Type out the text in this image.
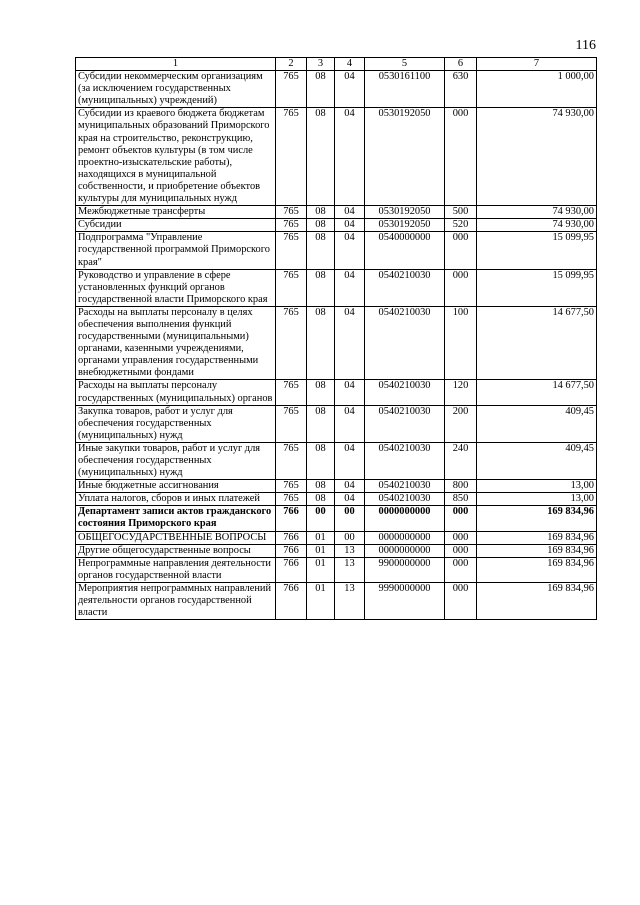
116
1	2	3	4	5	6	7
Субсидии некоммерческим организациям (за исключением государственных (муниципальных) учреждений)	765	08	04	0530161100	630	1 000,00
Субсидии из краевого бюджета бюджетам муниципальных образований Приморского края на строительство, реконструкцию, ремонт объектов культуры (в том числе проектно-изыскательские работы), находящихся в муниципальной собственности, и приобретение объектов культуры для муниципальных нужд	765	08	04	0530192050	000	74 930,00
Межбюджетные трансферты	765	08	04	0530192050	500	74 930,00
Субсидии	765	08	04	0530192050	520	74 930,00
Подпрограмма "Управление государственной программой Приморского края"	765	08	04	0540000000	000	15 099,95
Руководство и управление в сфере установленных функций органов государственной власти Приморского края	765	08	04	0540210030	000	15 099,95
Расходы на выплаты персоналу в целях обеспечения выполнения функций государственными (муниципальными) органами, казенными учреждениями, органами управления государственными внебюджетными фондами	765	08	04	0540210030	100	14 677,50
Расходы на выплаты персоналу государственных (муниципальных) органов	765	08	04	0540210030	120	14 677,50
Закупка товаров, работ и услуг для обеспечения государственных (муниципальных) нужд	765	08	04	0540210030	200	409,45
Иные закупки товаров, работ и услуг для обеспечения государственных (муниципальных) нужд	765	08	04	0540210030	240	409,45
Иные бюджетные ассигнования	765	08	04	0540210030	800	13,00
Уплата налогов, сборов и иных платежей	765	08	04	0540210030	850	13,00
Департамент записи актов гражданского состояния Приморского края	766	00	00	0000000000	000	169 834,96
ОБЩЕГОСУДАРСТВЕННЫЕ ВОПРОСЫ	766	01	00	0000000000	000	169 834,96
Другие общегосударственные вопросы	766	01	13	0000000000	000	169 834,96
Непрограммные направления деятельности органов государственной власти	766	01	13	9900000000	000	169 834,96
Мероприятия непрограммных направлений деятельности органов государственной власти	766	01	13	9990000000	000	169 834,96
